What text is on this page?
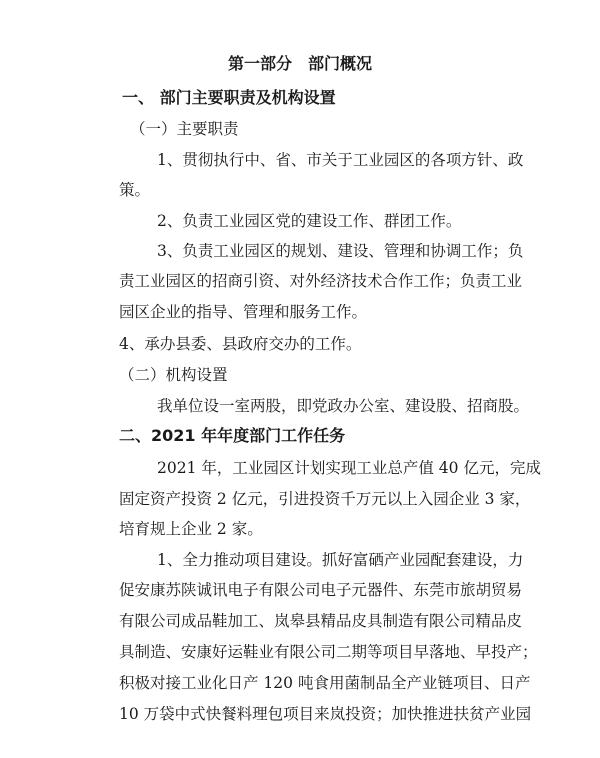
第一部分　部门概况
一、 部门主要职责及机构设置
（一）主要职责
1、贯彻执行中、省、市关于工业园区的各项方针、政
策。
2、负责工业园区党的建设工作、群团工作。
3、负责工业园区的规划、建设、管理和协调工作；负
责工业园区的招商引资、对外经济技术合作工作；负责工业
园区企业的指导、管理和服务工作。
4、承办县委、县政府交办的工作。
（二）机构设置
我单位设一室两股，即党政办公室、建设股、招商股。
二、2021 年年度部门工作任务
2021 年，工业园区计划实现工业总产值 40 亿元，完成
固定资产投资 2 亿元，引进投资千万元以上入园企业 3 家，
培育规上企业 2 家。
1、全力推动项目建设。抓好富硒产业园配套建设，力
促安康苏陕诚讯电子有限公司电子元器件、东莞市旅胡贸易
有限公司成品鞋加工、岚皋县精品皮具制造有限公司精品皮
具制造、安康好运鞋业有限公司二期等项目早落地、早投产；
积极对接工业化日产 120 吨食用菌制品全产业链项目、日产
10 万袋中式快餐料理包项目来岚投资；加快推进扶贫产业园
